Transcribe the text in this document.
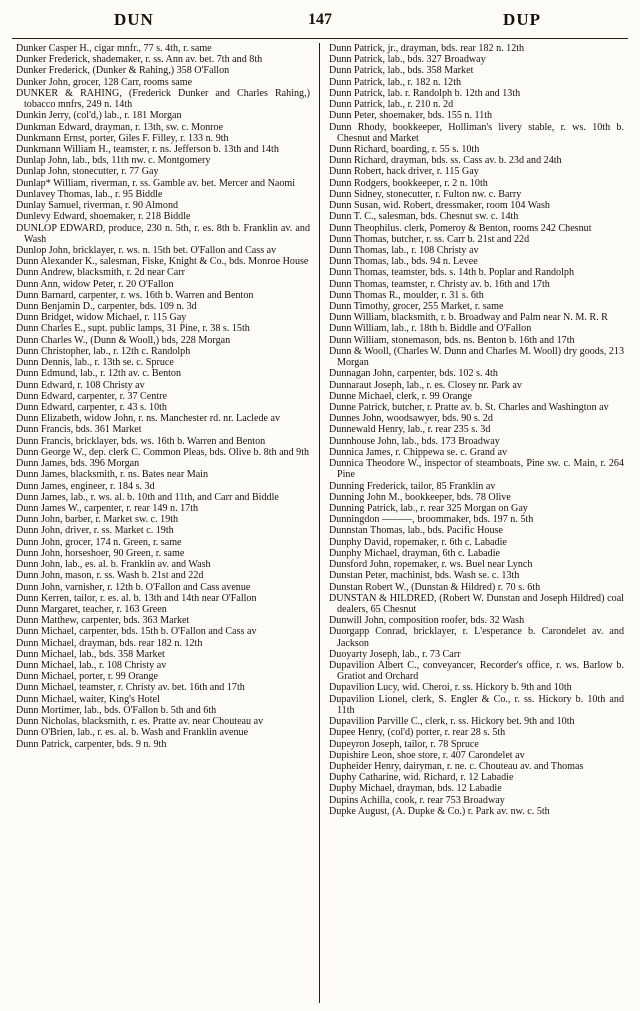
DUN	147	DUP

Dunker Casper H., cigar mnfr., 77 s. 4th, r. same

Dunker Frederick, shademaker, r. ss. Ann av. bet. 7th and 8th

Dunker Frederick, (Dunker & Rahing,) 358 O'Fallon

Dunker John, grocer, 128 Carr, rooms same

DUNKER & RAHING, (Frederick Dunker and Charles Rahing,) tobacco mnfrs, 249 n. 14th

Dunkin Jerry, (col'd,) lab., r. 181 Morgan

Dunkman Edward, drayman, r. 13th, sw. c. Monroe

Dunkmann Ernst, porter, Giles F. Filley, r. 133 n. 9th

Dunkmann William H., teamster, r. ns. Jefferson b. 13th and 14th

Dunlap John, lab., bds, 11th nw. c. Montgomery

Dunlap John, stonecutter, r. 77 Gay

Dunlap* William, riverman, r. ss. Gamble av. bet. Mercer and Naomi

Dunlavey Thomas, lab., r. 95 Biddle

Dunlay Samuel, riverman, r. 90 Almond

Dunlevy Edward, shoemaker, r. 218 Biddle

DUNLOP EDWARD, produce, 230 n. 5th, r. es. 8th b. Franklin av. and Wash

Dunlop John, bricklayer, r. ws. n. 15th bet. O'Fallon and Cass av

Dunn Alexander K., salesman, Fiske, Knight & Co., bds. Monroe House

Dunn Andrew, blacksmith, r. 2d near Carr

Dunn Ann, widow Peter, r. 20 O'Fallon

Dunn Barnard, carpenter, r. ws. 16th b. Warren and Benton

Dunn Benjamin D., carpenter, bds. 109 n. 3d

Dunn Bridget, widow Michael, r. 115 Gay

Dunn Charles E., supt. public lamps, 31 Pine, r. 38 s. 15th

Dunn Charles W., (Dunn & Wooll,) bds, 228 Morgan

Dunn Christopher, lab., r. 12th c. Randolph

Dunn Dennis, lab., r. 13th se. c. Spruce

Dunn Edmund, lab., r. 12th av. c. Benton

Dunn Edward, r. 108 Christy av

Dunn Edward, carpenter, r. 37 Centre

Dunn Edward, carpenter, r. 43 s. 10th

Dunn Elizabeth, widow John, r. ns. Manchester rd. nr. Laclede av

Dunn Francis, bds. 361 Market

Dunn Francis, bricklayer, bds. ws. 16th b. Warren and Benton

Dunn George W., dep. clerk C. Common Pleas, bds. Olive b. 8th and 9th

Dunn James, bds. 396 Morgan

Dunn James, blacksmith, r. ns. Bates near Main

Dunn James, engineer, r. 184 s. 3d

Dunn James, lab., r. ws. al. b. 10th and 11th, and Carr and Biddle

Dunn James W., carpenter, r. rear 149 n. 17th

Dunn John, barber, r. Market sw. c. 19th

Dunn John, driver, r. ss. Market c. 19th

Dunn John, grocer, 174 n. Green, r. same

Dunn John, horseshoer, 90 Green, r. same

Dunn John, lab., es. al. b. Franklin av. and Wash

Dunn John, mason, r. ss. Wash b. 21st and 22d

Dunn John, varnisher, r. 12th b. O'Fallon and Cass avenue

Dunn Kerren, tailor, r. es. al. b. 13th and 14th near O'Fallon

Dunn Margaret, teacher, r. 163 Green

Dunn Matthew, carpenter, bds. 363 Market

Dunn Michael, carpenter, bds. 15th b. O'Fallon and Cass av

Dunn Michael, drayman, bds. rear 182 n. 12th

Dunn Michael, lab., bds. 358 Market

Dunn Michael, lab., r. 108 Christy av

Dunn Michael, porter, r. 99 Orange

Dunn Michael, teamster, r. Christy av. bet. 16th and 17th

Dunn Michael, waiter, King's Hotel

Dunn Mortimer, lab., bds. O'Fallon b. 5th and 6th

Dunn Nicholas, blacksmith, r. es. Pratte av. near Chouteau av

Dunn O'Brien, lab., r. es. al. b. Wash and Franklin avenue

Dunn Patrick, carpenter, bds. 9 n. 9th

Dunn Patrick, jr., drayman, bds. rear 182 n. 12th

Dunn Patrick, lab., bds. 327 Broadway

Dunn Patrick, lab., bds. 358 Market

Dunn Patrick, lab., r. 182 n. 12th

Dunn Patrick, lab. r. Randolph b. 12th and 13th

Dunn Patrick, lab., r. 210 n. 2d

Dunn Peter, shoemaker, bds. 155 n. 11th

Dunn Rhody, bookkeeper, Holliman's livery stable, r. ws. 10th b. Chesnut and Market

Dunn Richard, boarding, r. 55 s. 10th

Dunn Richard, drayman, bds. ss. Cass av. b. 23d and 24th

Dunn Robert, hack driver, r. 115 Gay

Dunn Rodgers, bookkeeper, r. 2 n. 10th

Dunn Sidney, stonecutter, r. Fulton nw. c. Barry

Dunn Susan, wid. Robert, dressmaker, room 104 Wash

Dunn T. C., salesman, bds. Chesnut sw. c. 14th

Dunn Theophilus. clerk, Pomeroy & Benton, rooms 242 Chesnut

Dunn Thomas, butcher, r. ss. Carr b. 21st and 22d

Dunn Thomas, lab., r. 108 Christy av

Dunn Thomas, lab., bds. 94 n. Levee

Dunn Thomas, teamster, bds. s. 14th b. Poplar and Randolph

Dunn Thomas, teamster, r. Christy av. b. 16th and 17th

Dunn Thomas R., moulder, r. 31 s. 6th

Dunn Timothy, grocer, 255 Market, r. same

Dunn William, blacksmith, r. b. Broadway and Palm near N. M. R. R

Dunn William, lab., r. 18th b. Biddle and O'Fallon

Dunn William, stonemason, bds. ns. Benton b. 16th and 17th

Dunn & Wooll, (Charles W. Dunn and Charles M. Wooll) dry goods, 213 Morgan

Dunnagan John, carpenter, bds. 102 s. 4th

Dunnaraut Joseph, lab., r. es. Closey nr. Park av

Dunne Michael, clerk, r. 99 Orange

Dunne Patrick, butcher, r. Pratte av. b. St. Charles and Washington av

Dunnes John, woodsawyer, bds. 90 s. 2d

Dunnewald Henry, lab., r. rear 235 s. 3d

Dunnhouse John, lab., bds. 173 Broadway

Dunnica James, r. Chippewa se. c. Grand av

Dunnica Theodore W., inspector of steamboats, Pine sw. c. Main, r. 264 Pine

Dunning Frederick, tailor, 85 Franklin av

Dunning John M., bookkeeper, bds. 78 Olive

Dunning Patrick, lab., r. rear 325 Morgan on Gay

Dunningdon ———, broommaker, bds. 197 n. 5th

Dunnstan Thomas, lab., bds. Pacific House

Dunphy David, ropemaker, r. 6th c. Labadie

Dunphy Michael, drayman, 6th c. Labadie

Dunsford John, ropemaker, r. ws. Buel near Lynch

Dunstan Peter, machinist, bds. Wash se. c. 13th

Dunstan Robert W., (Dunstan & Hildred) r. 70 s. 6th

DUNSTAN & HILDRED, (Robert W. Dunstan and Joseph Hildred) coal dealers, 65 Chesnut

Dunwill John, composition roofer, bds. 32 Wash

Duorgapp Conrad, bricklayer, r. L'esperance b. Carondelet av. and Jackson

Duoyarty Joseph, lab., r. 73 Carr

Dupavilion Albert C., conveyancer, Recorder's office, r. ws. Barlow b. Gratiot and Orchard

Dupavilion Lucy, wid. Cheroi, r. ss. Hickory b. 9th and 10th

Dupavilion Lionel, clerk, S. Engler & Co., r. ss. Hickory b. 10th and 11th

Dupavilion Parville C., clerk, r. ss. Hickory bet. 9th and 10th

Dupee Henry, (col'd) porter, r. rear 28 s. 5th

Dupeyron Joseph, tailor, r. 78 Spruce

Dupishire Leon, shoe store, r. 407 Carondelet av

Dupheider Henry, dairyman, r. ne. c. Chouteau av. and Thomas

Duphy Catharine, wid. Richard, r. 12 Labadie

Duphy Michael, drayman, bds. 12 Labadie

Dupins Achilla, cook, r. rear 753 Broadway

Dupke August, (A. Dupke & Co.) r. Park av. nw. c. 5th
